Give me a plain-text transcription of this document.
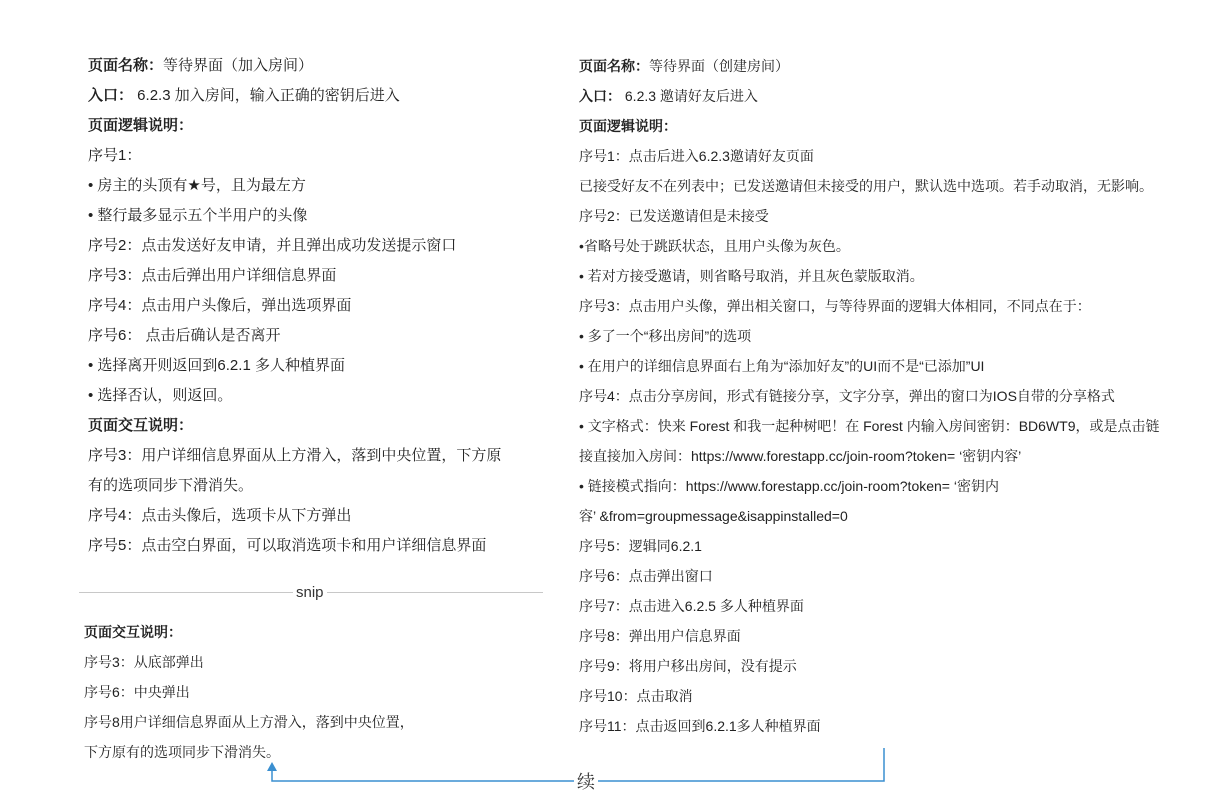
页面名称：等待界面（加入房间）
入口： 6.2.3 加入房间，输入正确的密钥后进入
页面逻辑说明：
序号1：
• 房主的头顶有★号，且为最左方
• 整行最多显示五个半用户的头像
序号2：点击发送好友申请，并且弹出成功发送提示窗口
序号3：点击后弹出用户详细信息界面
序号4：点击用户头像后，弹出选项界面
序号6： 点击后确认是否离开
• 选择离开则返回到6.2.1 多人种植界面
• 选择否认，则返回。
页面交互说明：
序号3：用户详细信息界面从上方滑入，落到中央位置，下方原
有的选项同步下滑消失。
序号4：点击头像后，选项卡从下方弹出
序号5：点击空白界面，可以取消选项卡和用户详细信息界面
snip
页面交互说明：
序号3：从底部弹出
序号6：中央弹出
序号8用户详细信息界面从上方滑入，落到中央位置，
下方原有的选项同步下滑消失。
页面名称：等待界面（创建房间）
入口： 6.2.3 邀请好友后进入
页面逻辑说明：
序号1：点击后进入6.2.3邀请好友页面
已接受好友不在列表中；已发送邀请但未接受的用户，默认选中选项。若手动取消，无影响。
序号2：已发送邀请但是未接受
•省略号处于跳跃状态，且用户头像为灰色。
• 若对方接受邀请，则省略号取消，并且灰色蒙版取消。
序号3：点击用户头像，弹出相关窗口，与等待界面的逻辑大体相同，不同点在于：
• 多了一个“移出房间”的选项
• 在用户的详细信息界面右上角为“添加好友”的UI而不是“已添加”UI
序号4：点击分享房间，形式有链接分享，文字分享，弹出的窗口为IOS自带的分享格式
• 文字格式：快来 Forest 和我一起种树吧！在 Forest 内输入房间密钥：BD6WT9，或是点击链
接直接加入房间：https://www.forestapp.cc/join-room?token= ‘密钥内容’
• 链接模式指向：https://www.forestapp.cc/join-room?token= ‘密钥内
容’ &from=groupmessage&isappinstalled=0
序号5：逻辑同6.2.1
序号6：点击弹出窗口
序号7：点击进入6.2.5 多人种植界面
序号8：弹出用户信息界面
序号9：将用户移出房间，没有提示
序号10：点击取消
序号11：点击返回到6.2.1多人种植界面
续
